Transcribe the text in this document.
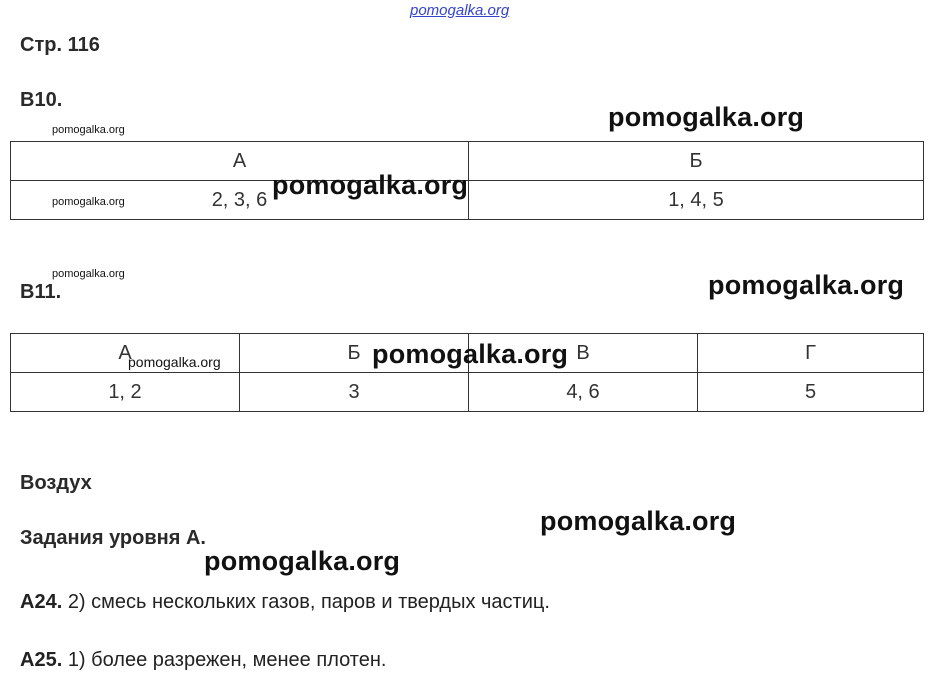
pomogalka.org
Стр. 116
В10.
pomogalka.org
pomogalka.org
А	Б
2, 3, 6	1, 4, 5
pomogalka.org
pomogalka.org
pomogalka.org
В11.	pomogalka.org
А	Б	В	Г
1, 2	3	4, 6	5
pomogalka.org	pomogalka.org
Воздух
Задания уровня А.
pomogalka.org
pomogalka.org
А24. 2) смесь нескольких газов, паров и твердых частиц.
А25. 1) более разрежен, менее плотен.
